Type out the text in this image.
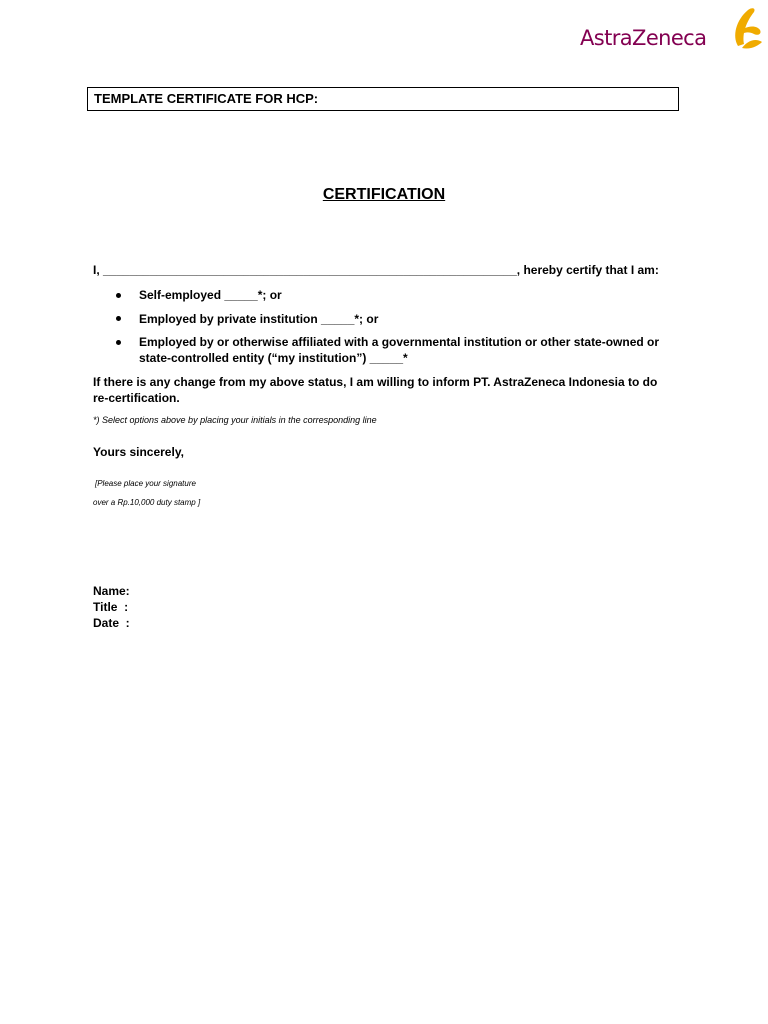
AstraZeneca
TEMPLATE CERTIFICATE FOR HCP:
CERTIFICATION
I, ______________________________________________________________, hereby certify that I am:
Self-employed _____*; or
Employed by private institution _____*; or
Employed by or otherwise affiliated with a governmental institution or other state-owned or
state-controlled entity (“my institution”) _____*
If there is any change from my above status, I am willing to inform PT. AstraZeneca Indonesia to do
re-certification.
*) Select options above by placing your initials in the corresponding line
Yours sincerely,
[Please place your signature
over a Rp.10,000 duty stamp ]
Name:
Title  :
Date  :
